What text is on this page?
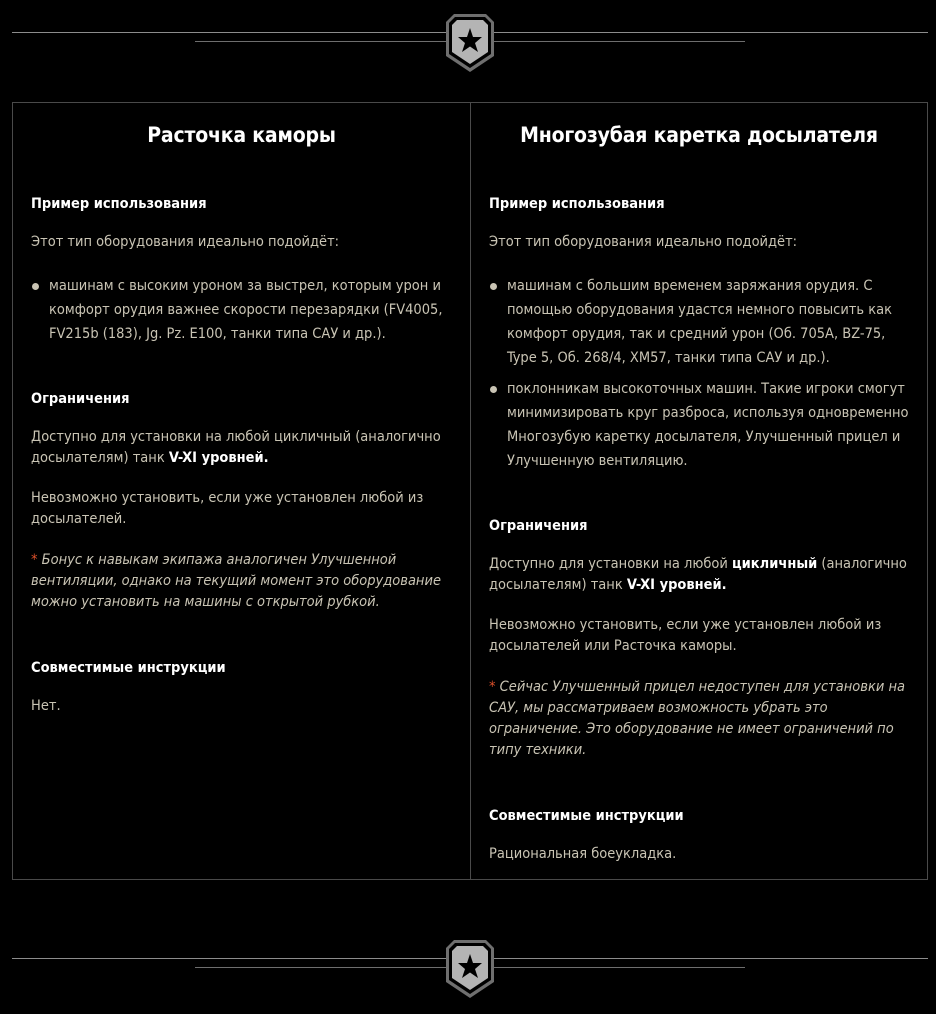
Расточка каморы
Пример использования
Этот тип оборудования идеально подойдёт:
машинам с высоким уроном за выстрел, которым урон и комфорт орудия важнее скорости перезарядки (FV4005, FV215b (183), Jg. Pz. E100, танки типа САУ и др.).
Ограничения

Доступно для установки на любой цикличный (аналогично досылателям) танк V-XI уровней.

Невозможно установить, если уже установлен любой из досылателей.

* Бонус к навыкам экипажа аналогичен Улучшенной вентиляции, однако на текущий момент это оборудование можно установить на машины с открытой рубкой.

Совместимые инструкции
Нет.
Многозубая каретка досылателя
Пример использования
Этот тип оборудования идеально подойдёт:
машинам с большим временем заряжания орудия. С помощью оборудования удастся немного повысить как комфорт орудия, так и средний урон (Об. 705А, BZ-75, Type 5, Об. 268/4, XM57, танки типа САУ и др.).
поклонникам высокоточных машин. Такие игроки смогут минимизировать круг разброса, используя одновременно Многозубую каретку досылателя, Улучшенный прицел и Улучшенную вентиляцию.
Ограничения

Доступно для установки на любой цикличный (аналогично досылателям) танк V-XI уровней.

Невозможно установить, если уже установлен любой из досылателей или Расточка каморы.

* Сейчас Улучшенный прицел недоступен для установки на САУ, мы рассматриваем возможность убрать это ограничение. Это оборудование не имеет ограничений по типу техники.

Совместимые инструкции
Рациональная боеукладка.
